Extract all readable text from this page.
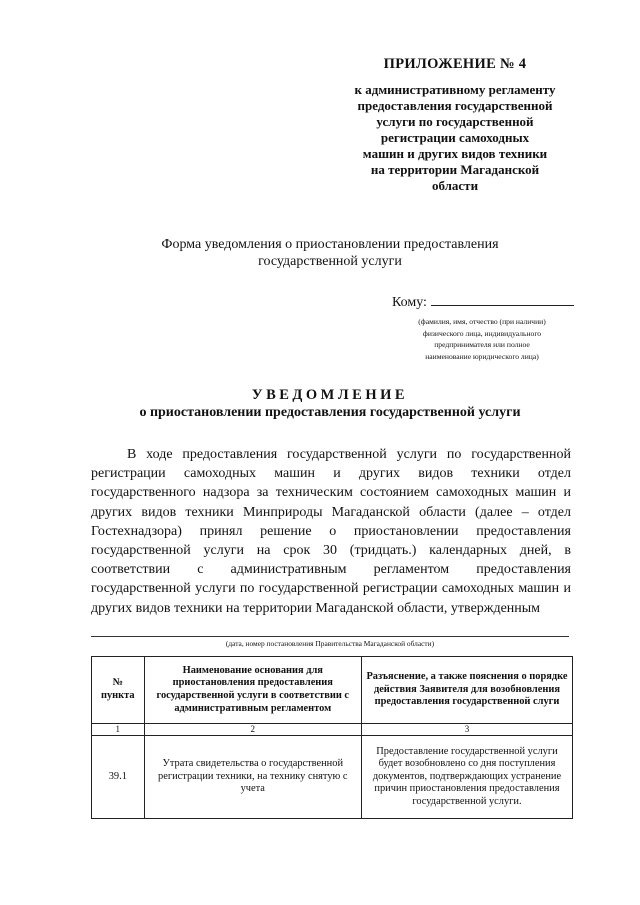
ПРИЛОЖЕНИЕ № 4
к административному регламенту
предоставления государственной
услуги по государственной
регистрации самоходных
машин и других видов техники
на территории Магаданской
области
Форма уведомления о приостановлении предоставления
государственной услуги
Кому:
(фамилия, имя, отчество (при наличии)
физического лица, индивидуального
предпринимателя или полное
наименование юридического лица)
УВЕДОМЛЕНИЕ
о приостановлении предоставления государственной услуги
В ходе предоставления государственной услуги по государственной регистрации самоходных машин и других видов техники отдел государственного надзора за техническим состоянием самоходных машин и других видов техники Минприроды Магаданской области (далее – отдел Гостехнадзора) принял решение о приостановлении предоставления государственной услуги на срок 30 (тридцать.) календарных дней, в соответствии с административным регламентом предоставления государственной услуги по государственной регистрации самоходных машин и других видов техники на территории Магаданской области, утвержденным
(дата, номер постановления Правительства Магаданской области)
№ пункта	Наименование основания для приостановления предоставления государственной услуги в соответствии с административным регламентом	Разъяснение, а также пояснения о порядке действия Заявителя для возобновления предоставления государственной слуги
1	2	3
39.1	Утрата свидетельства о государственной регистрации техники, на технику снятую с учета	Предоставление государственной услуги будет возобновлено со дня поступления документов, подтверждающих устранение причин приостановления предоставления государственной услуги.
